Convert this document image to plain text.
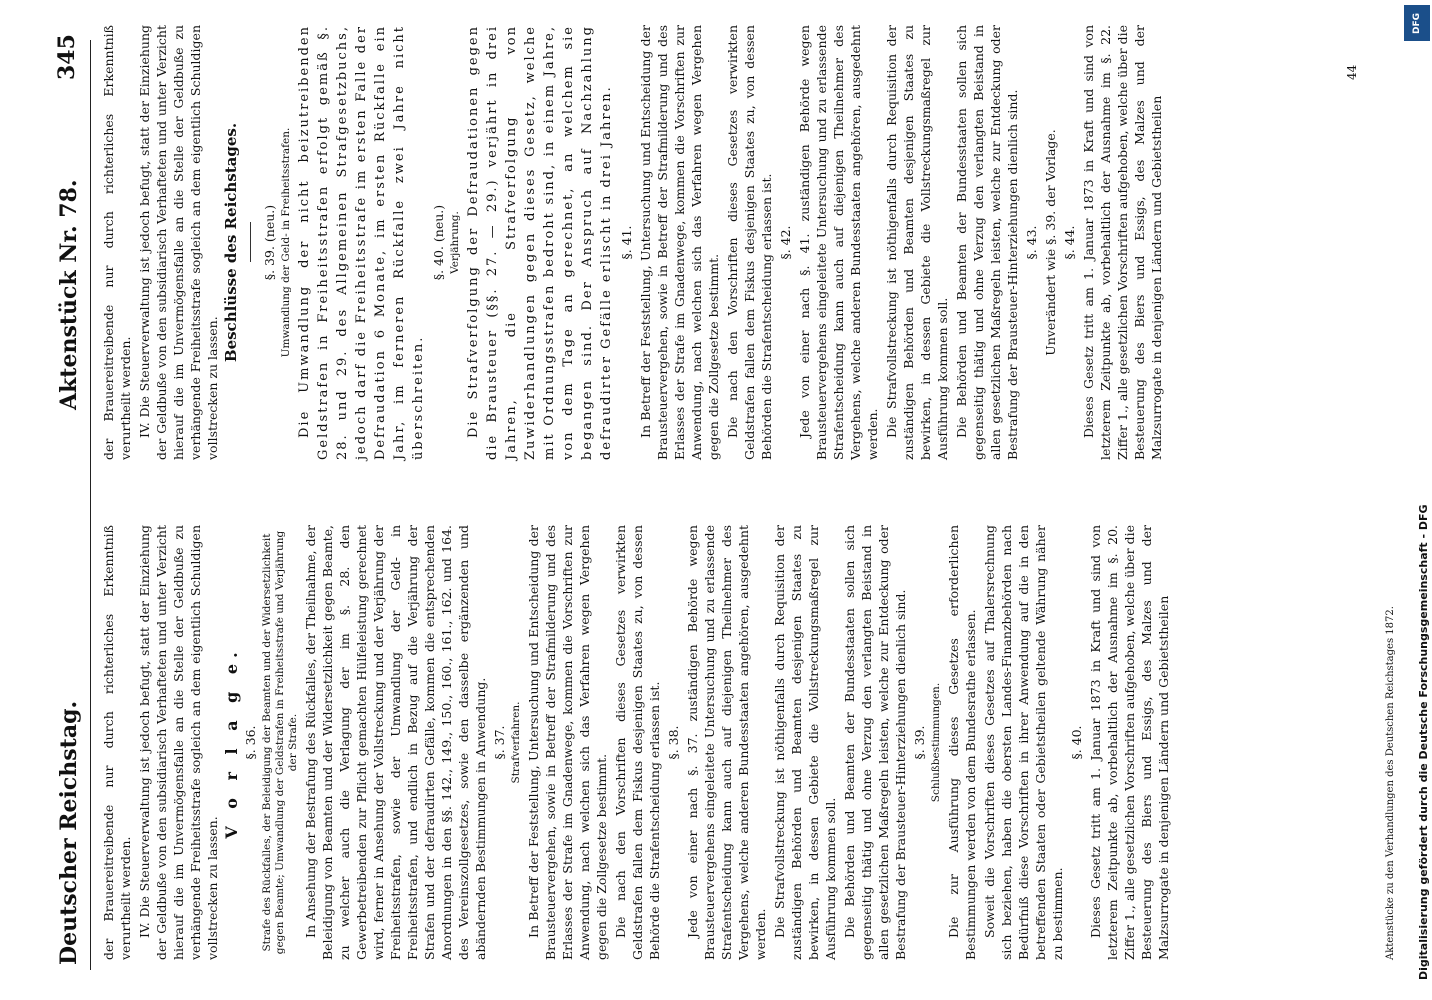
Deutscher Reichstag.
Aktenstück Nr. 78.
345

der Brauereitreibende nur durch richterliches Erkenntniß verurtheilt werden. IV. Die Steuerverwaltung ist jedoch befugt, statt der Einziehung der Geldbuße von den subsidiarisch Verhafteten und unter Verzicht hierauf die im Unvermögensfalle an die Stelle der Geldbuße zu verhängende Freiheitsstrafe sogleich an dem eigentlich Schuldigen vollstrecken zu lassen.

V o r l a g e. §. 36. Strafe des Rückfalles, der Beleidigung der Beamten und der Widersetzlichkeit gegen Beamte; Umwandlung der Geldstrafen in Freiheitsstrafe und Verjährung der Strafe. In Ansehung der Bestrafung des Rückfalles, der Theilnahme, der Beleidigung von Beamten und der Widersetzlichkeit gegen Beamte, zu welcher auch die Verlagung der im §. 28. den Gewerbetreibenden zur Pflicht gemachten Hülfeleistung gerechnet wird, ferner in Ansehung der Vollstreckung und der Verjährung der Freiheitsstrafen, sowie der Umwandlung der Geld- in Freiheitsstrafen, und endlich in Bezug auf die Verjährung der Strafen und der defraudirten Gefälle, kommen die entsprechenden Anordnungen in den §§. 142., 149., 150., 160., 161., 162. und 164. des Vereinszollgesetzes, sowie den dasselbe ergänzenden und abändernden Bestimmungen in Anwendung. §. 37. Strafverfahren. In Betreff der Feststellung, Untersuchung und Entscheidung der Brausteuervergehen, sowie in Betreff der Strafmilderung und des Erlasses der Strafe im Gnadenwege, kommen die Vorschriften zur Anwendung, nach welchen sich das Verfahren wegen Vergehen gegen die Zollgesetze bestimmt. Die nach den Vorschriften dieses Gesetzes verwirkten Geldstrafen fallen dem Fiskus desjenigen Staates zu, von dessen Behörde die Strafentscheidung erlassen ist. §. 38. Jede von einer nach §. 37. zuständigen Behörde wegen Brausteuervergehens eingeleitete Untersuchung und zu erlassende Strafentscheidung kann auch auf diejenigen Theilnehmer des Vergehens, welche anderen Bundesstaaten angehören, ausgedehnt werden. Die Strafvollstreckung ist nöthigenfalls durch Requisition der zuständigen Behörden und Beamten desjenigen Staates zu bewirken, in dessen Gebiete die Vollstreckungsmaßregel zur Ausführung kommen soll. Die Behörden und Beamten der Bundesstaaten sollen sich gegenseitig thätig und ohne Verzug den verlangten Beistand in allen gesetzlichen Maßregeln leisten, welche zur Entdeckung oder Bestrafung der Brausteuer-Hinterziehungen dienlich sind. §. 39. Schlußbestimmungen. Die zur Ausführung dieses Gesetzes erforderlichen Bestimmungen werden von dem Bundesrathe erlassen. Soweit die Vorschriften dieses Gesetzes auf Thalersrechnung sich beziehen, haben die obersten Landes-Finanzbehörden nach Bedürfniß diese Vorschriften in ihrer Anwendung auf die in den betreffenden Staaten oder Gebietstheilen geltende Währung näher zu bestimmen.

§. 40. Dieses Gesetz tritt am 1. Januar 1873 in Kraft und sind von letzterem Zeitpunkte ab, vorbehaltlich der Ausnahme im §. 20. Ziffer 1., alle gesetzlichen Vorschriften aufgehoben, welche über die Besteuerung des Biers und Essigs, des Malzes und der Malzsurrogate in denjenigen Ländern und Gebietstheilen

der Brauereitreibende nur durch richterliches Erkenntniß verurtheilt werden. IV. Die Steuerverwaltung ist jedoch befugt, statt der Einziehung der Geldbuße von den subsidiarisch Verhafteten und unter Verzicht hierauf die im Unvermögensfalle an die Stelle der Geldbuße zu verhängende Freiheitsstrafe sogleich an dem eigentlich Schuldigen vollstrecken zu lassen.

Beschlüsse des Reichstages. §. 39. (neu.) Umwandlung der Geld- in Freiheitsstrafen. Die Umwandlung der nicht beizutreibenden Geldstrafen in Freiheitsstrafen erfolgt gemäß §. 28. und 29. des Allgemeinen Strafgesetzbuchs, jedoch darf die Freiheitsstrafe im ersten Falle der Defraudation 6 Monate, im ersten Rückfalle ein Jahr, im ferneren Rückfalle zwei Jahre nicht überschreiten.

§. 40. (neu.) Verjährung. Die Strafverfolgung der Defraudationen gegen die Brausteuer (§§. 27. — 29.) verjährt in drei Jahren, die Strafverfolgung von Zuwiderhandlungen gegen dieses Gesetz, welche mit Ordnungsstrafen bedroht sind, in einem Jahre, von dem Tage an gerechnet, an welchem sie begangen sind. Der Anspruch auf Nachzahlung defraudirter Gefälle erlischt in drei Jahren. §. 41. In Betreff der Feststellung, Untersuchung und Entscheidung der Brausteuervergehen, sowie in Betreff der Strafmilderung und des Erlasses der Strafe im Gnadenwege, kommen die Vorschriften zur Anwendung, nach welchen sich das Verfahren wegen Vergehen gegen die Zollgesetze bestimmt. Die nach den Vorschriften dieses Gesetzes verwirkten Geldstrafen fallen dem Fiskus desjenigen Staates zu, von dessen Behörden die Strafentscheidung erlassen ist. §. 42. Jede von einer nach §. 41. zuständigen Behörde wegen Brausteuervergehens eingeleitete Untersuchung und zu erlassende Strafentscheidung kann auch auf diejenigen Theilnehmer des Vergehens, welche anderen Bundesstaaten angehören, ausgedehnt werden. Die Strafvollstreckung ist nöthigenfalls durch Requisition der zuständigen Behörden und Beamten desjenigen Staates zu bewirken, in dessen Gebiete die Vollstreckungsmaßregel zur Ausführung kommen soll. Die Behörden und Beamten der Bundesstaaten sollen sich gegenseitig thätig und ohne Verzug den verlangten Beistand in allen gesetzlichen Maßregeln leisten, welche zur Entdeckung oder Bestrafung der Brausteuer-Hinterziehungen dienlich sind. §. 43. Unverändert wie §. 39. der Vorlage. §. 44. Dieses Gesetz tritt am 1. Januar 1873 in Kraft und sind von letzterem Zeitpunkte ab, vorbehaltlich der Ausnahme im §. 22. Ziffer 1., alle gesetzlichen Vorschriften aufgehoben, welche über die Besteuerung des Biers und Essigs, des Malzes und der Malzsurrogate in denjenigen Ländern und Gebietstheilen

Aktenstücke zu den Verhandlungen des Deutschen Reichstages 1872.
44
DFG
Digitalisierung gefördert durch die Deutsche Forschungsgemeinschaft - DFG
